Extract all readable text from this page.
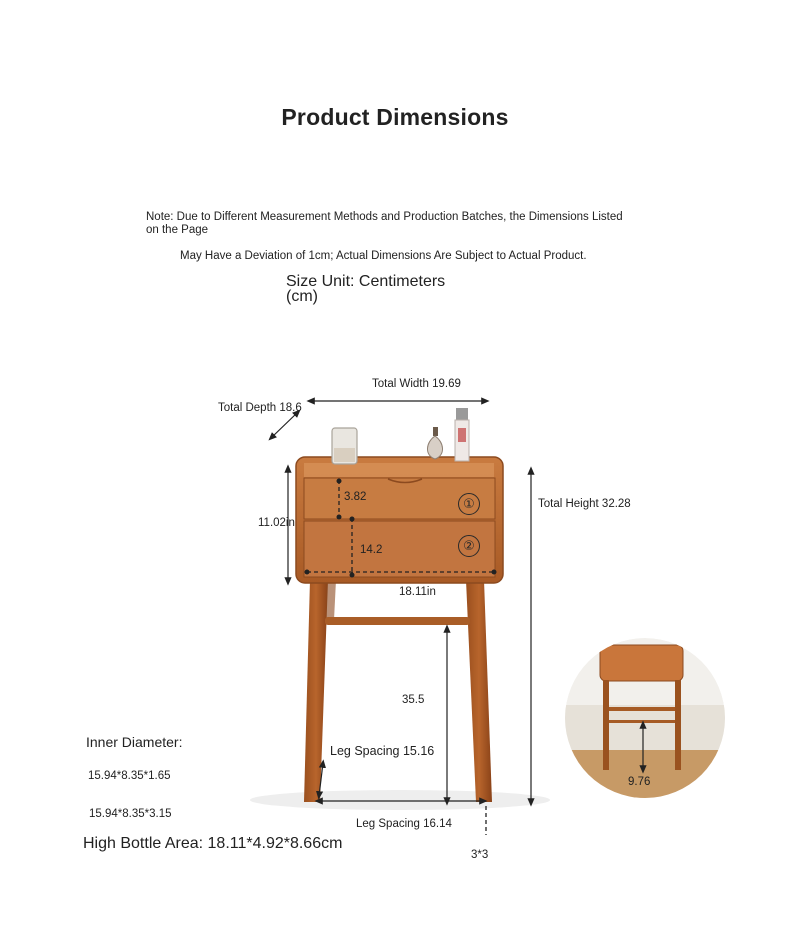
Product Dimensions
Note: Due to Different Measurement Methods and Production Batches, the Dimensions Listed on the Page
May Have a Deviation of 1cm; Actual Dimensions Are Subject to Actual Product.
Size Unit: Centimeters (cm)
①
②
Total Width 19.69
Total Depth 18.6
Total Height 32.28
3.82
14.2
11.02in
18.11in
35.5
Leg Spacing 15.16
Leg Spacing 16.14
3*3
9.76
Inner Diameter:
15.94*8.35*1.65
15.94*8.35*3.15
High Bottle Area: 18.11*4.92*8.66cm
